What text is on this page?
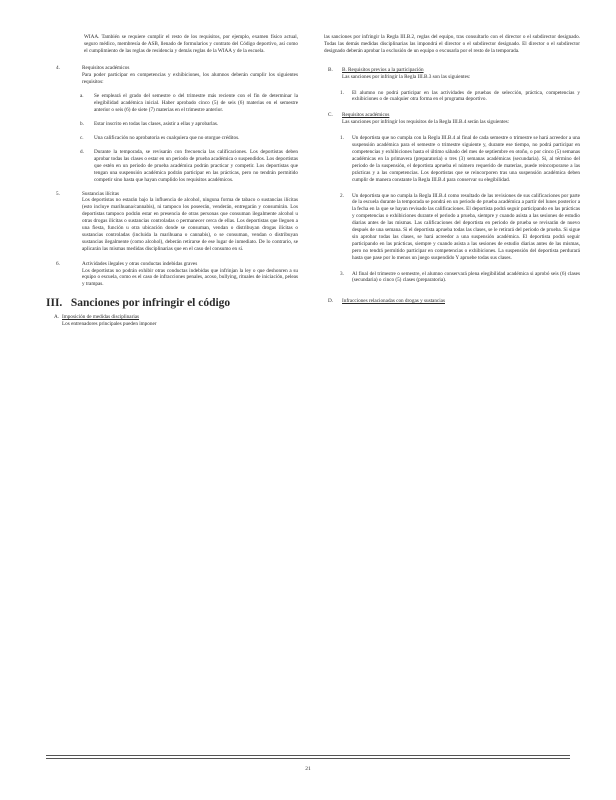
WIAA. También se requiere cumplir el resto de los requisitos, por ejemplo, examen físico actual, seguro médico, membresía de ASB, llenado de formularios y contrato del Código deportivo, así como el cumplimiento de las reglas de residencia y demás reglas de la WIAA y de la escuela.

4.	Requisitos académicos

Para poder participar en competencias y exhibiciones, los alumnos deberán cumplir los siguientes requisitos:

a. Se empleará el grado del semestre o del trimestre más reciente con el fin de determinar la elegibilidad académica inicial. Haber aprobado cinco (5) de seis (6) materias en el semestre anterior o seis (6) de siete (7) materias en el trimestre anterior.

b. Estar inscrito en todas las clases, asistir a ellas y aprobarlas.

c. Una calificación no aprobatoria es cualquiera que no otorgue créditos.

d. Durante la temporada, se revisarán con frecuencia las calificaciones. Los deportistas deben aprobar todas las clases o estar en un periodo de prueba académica o suspendidos. Los deportistas que estén en un periodo de prueba académica podrán practicar y competir. Los deportistas que tengan una suspensión académica podrán participar en las prácticas, pero no tendrán permitido competir sino hasta que hayan cumplido los requisitos académicos.

5.	Sustancias ilícitas

Los deportistas no estarán bajo la influencia de alcohol, ninguna forma de tabaco o sustancias ilícitas (esto incluye marihuana/cannabis), ni tampoco los poseerán, venderán, entregarán y consumirán. Los deportistas tampoco podrán estar en presencia de otras personas que consuman ilegalmente alcohol u otras drogas ilícitas o sustancias controladas o permanecer cerca de ellas. Los deportistas que lleguen a una fiesta, función u otra ubicación donde se consuman, vendan o distribuyan drogas ilícitas o sustancias controladas (incluida la marihuana o cannabis), o se consuman, vendan o distribuyan sustancias ilegalmente (como alcohol), deberán retirarse de ese lugar de inmediato. De lo contrario, se aplicarán las mismas medidas disciplinarias que en el caso del consumo en sí.

6.	Actividades ilegales y otras conductas indebidas graves

Los deportistas no podrán exhibir otras conductas indebidas que infrinjan la ley o que deshonren a su equipo o escuela, como es el caso de infracciones penales, acoso, bullying, rituales de iniciación, peleas y trampas.

III. Sanciones por infringir el código
A. Imposición de medidas disciplinarias

Los entrenadores principales pueden imponer

las sanciones por infringir la Regla III.B.2, reglas del equipo, tras consultarlo con el director o el subdirector designado. Todas las demás medidas disciplinarias las impondrá el director o el subdirector designado. El director o el subdirector designado deberán aprobar la exclusión de un equipo o excusarla por el resto de la temporada.

B. B. Requisitos previos a la participación

Las sanciones por infringir la Regla III.B.3 son las siguientes:

1. El alumno no podrá participar en las actividades de pruebas de selección, práctica, competencias y exhibiciones o de cualquier otra forma en el programa deportivo.

C. Requisitos académicos

Las sanciones por infringir los requisitos de la Regla III.B.4 serán las siguientes:

1. Un deportista que no cumpla con la Regla III.B.4 al final de cada semestre o trimestre se hará acreedor a una suspensión académica para el semestre o trimestre siguiente y, durante ese tiempo, no podrá participar en competencias y exhibiciones hasta el último sábado del mes de septiembre en otoño, o por cinco (5) semanas académicas en la primavera (preparatoria) o tres (3) semanas académicas (secundaria). Si, al término del periodo de la suspensión, el deportista aprueba el número requerido de materias, puede reincorporarse a las prácticas y a las competencias. Los deportistas que se reincorporen tras una suspensión académica deben cumplir de manera constante la Regla III.B.4 para conservar su elegibilidad.

2. Un deportista que no cumpla la Regla III.B.4 como resultado de las revisiones de sus calificaciones por parte de la escuela durante la temporada se pondrá en un periodo de prueba académica a partir del lunes posterior a la fecha en la que se hayan revisado las calificaciones. El deportista podrá seguir participando en las prácticas y competencias o exhibiciones durante el periodo a prueba, siempre y cuando asista a las sesiones de estudio diarias antes de las mismas. Las calificaciones del deportista en periodo de prueba se revisarán de nuevo después de una semana. Si el deportista aprueba todas las clases, se le retirará del periodo de prueba. Si sigue sin aprobar todas las clases, se hará acreedor a una suspensión académica. El deportista podrá seguir participando en las prácticas, siempre y cuando asista a las sesiones de estudio diarias antes de las mismas, pero no tendrá permitido participar en competencias o exhibiciones. La suspensión del deportista perdurará hasta que pase por lo menos un juego suspendido Y apruebe todas sus clases.

3. Al final del trimestre o semestre, el alumno conservará plena elegibilidad académica si aprobó seis (6) clases (secundaria) o cinco (5) clases (preparatoria).

D. Infracciones relacionadas con drogas y sustancias

21
